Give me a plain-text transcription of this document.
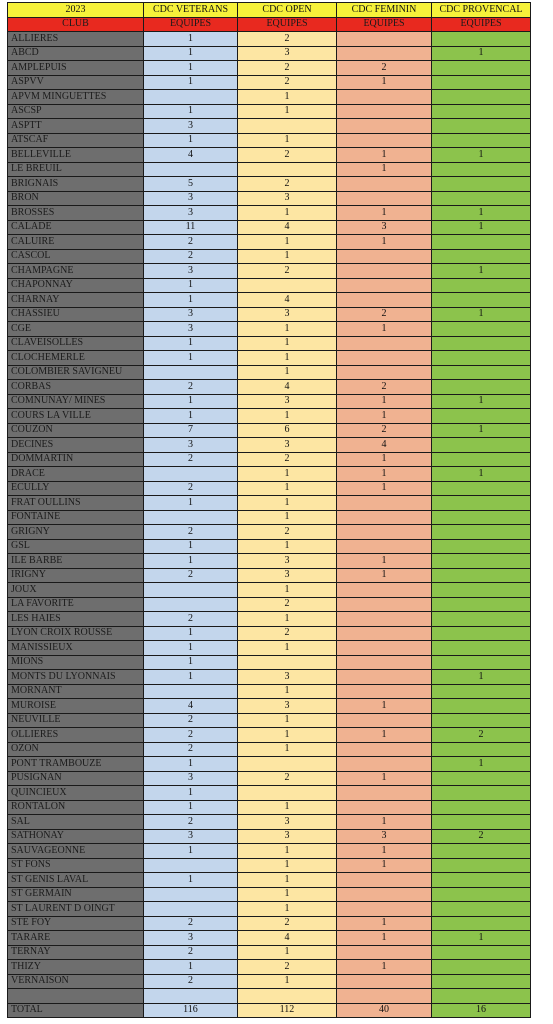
2023	CDC VETERANS	CDC OPEN	CDC FEMININ	CDC PROVENCAL
CLUB	EQUIPES	EQUIPES	EQUIPES	EQUIPES
ALLIERES	1	2		
ABCD	1	3		1
AMPLEPUIS	1	2	2	
ASPVV	1	2	1	
APVM MINGUETTES		1		
ASCSP	1	1		
ASPTT	3			
ATSCAF	1	1		
BELLEVILLE	4	2	1	1
LE BREUIL			1	
BRIGNAIS	5	2		
BRON	3	3		
BROSSES	3	1	1	1
CALADE	11	4	3	1
CALUIRE	2	1	1	
CASCOL	2	1		
CHAMPAGNE	3	2		1
CHAPONNAY	1			
CHARNAY	1	4		
CHASSIEU	3	3	2	1
CGE	3	1	1	
CLAVEISOLLES	1	1		
CLOCHEMERLE	1	1		
COLOMBIER SAVIGNEU		1		
CORBAS	2	4	2	
COMNUNAY/ MINES	1	3	1	1
COURS LA VILLE	1	1	1	
COUZON	7	6	2	1
DECINES	3	3	4	
DOMMARTIN	2	2	1	
DRACE		1	1	1
ECULLY	2	1	1	
FRAT OULLINS	1	1		
FONTAINE		1		
GRIGNY	2	2		
GSL	1	1		
ILE BARBE	1	3	1	
IRIGNY	2	3	1	
JOUX		1		
LA FAVORITE		2		
LES HAIES	2	1		
LYON CROIX ROUSSE	1	2		
MANISSIEUX	1	1		
MIONS	1			
MONTS DU LYONNAIS	1	3		1
MORNANT		1		
MUROISE	4	3	1	
NEUVILLE	2	1		
OLLIERES	2	1	1	2
OZON	2	1		
PONT TRAMBOUZE	1			1
PUSIGNAN	3	2	1	
QUINCIEUX	1			
RONTALON	1	1		
SAL	2	3	1	
SATHONAY	3	3	3	2
SAUVAGEONNE	1	1	1	
ST FONS		1	1	
ST GENIS LAVAL	1	1		
ST GERMAIN		1		
ST LAURENT D OINGT		1		
STE FOY	2	2	1	
TARARE	3	4	1	1
TERNAY	2	1		
THIZY	1	2	1	
VERNAISON	2	1		

TOTAL	116	112	40	16
